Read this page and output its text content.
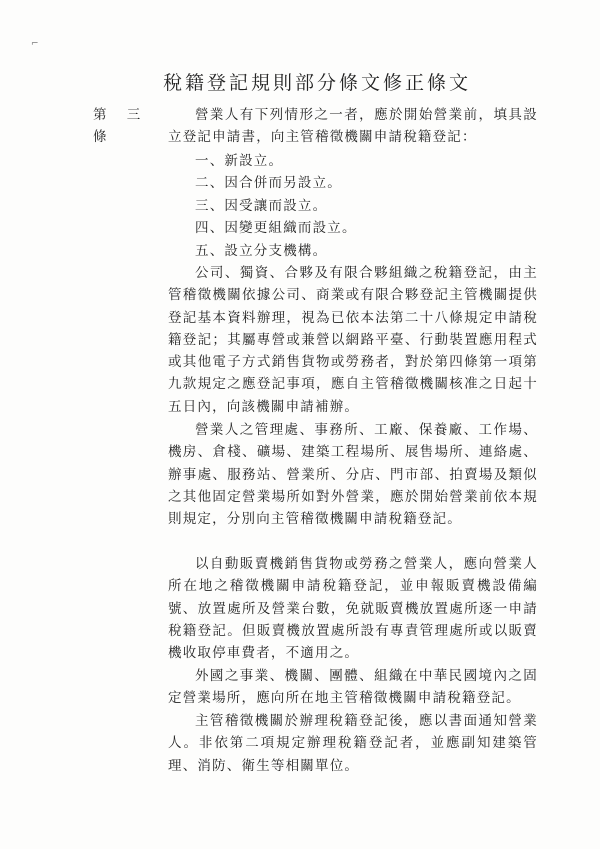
⌐
稅籍登記規則部分條文修正條文
第 三 條

營業人有下列情形之一者，應於開始營業前，填具設立登記申請書，向主管稽徵機關申請稅籍登記：

一、新設立。

二、因合併而另設立。

三、因受讓而設立。

四、因變更組織而設立。

五、設立分支機構。

公司、獨資、合夥及有限合夥組織之稅籍登記，由主管稽徵機關依據公司、商業或有限合夥登記主管機關提供登記基本資料辦理，視為已依本法第二十八條規定申請稅籍登記；其屬專營或兼營以網路平臺、行動裝置應用程式或其他電子方式銷售貨物或勞務者，對於第四條第一項第九款規定之應登記事項，應自主管稽徵機關核准之日起十五日內，向該機關申請補辦。

營業人之管理處、事務所、工廠、保養廠、工作場、機房、倉棧、礦場、建築工程場所、展售場所、連絡處、辦事處、服務站、營業所、分店、門市部、拍賣場及類似之其他固定營業場所如對外營業，應於開始營業前依本規則規定，分別向主管稽徵機關申請稅籍登記。

以自動販賣機銷售貨物或勞務之營業人，應向營業人所在地之稽徵機關申請稅籍登記，並申報販賣機設備編號、放置處所及營業台數，免就販賣機放置處所逐一申請稅籍登記。但販賣機放置處所設有專責管理處所或以販賣機收取停車費者，不適用之。

外國之事業、機關、團體、組織在中華民國境內之固定營業場所，應向所在地主管稽徵機關申請稅籍登記。

主管稽徵機關於辦理稅籍登記後，應以書面通知營業人。非依第二項規定辦理稅籍登記者，並應副知建築管理、消防、衛生等相關單位。
